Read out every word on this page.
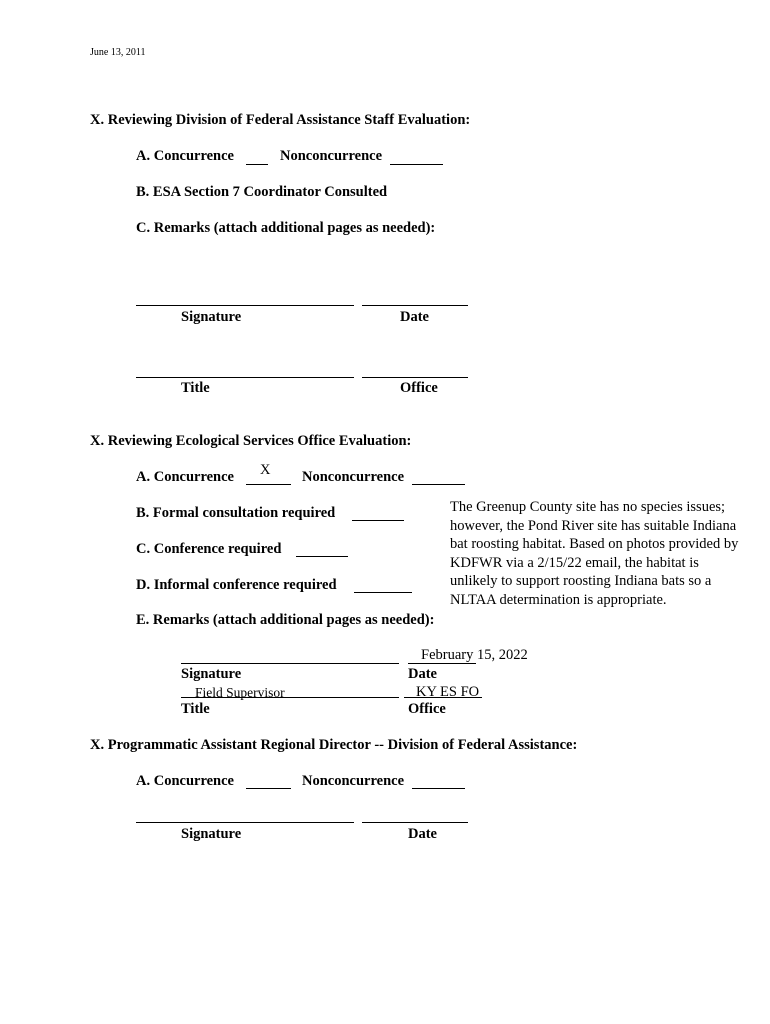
June 13, 2011
X. Reviewing Division of Federal Assistance Staff Evaluation:
A. Concurrence	Nonconcurrence
B. ESA Section 7 Coordinator Consulted
C. Remarks (attach additional pages as needed):
Signature	Date
Title	Office
X. Reviewing Ecological Services Office Evaluation:
A. Concurrence X Nonconcurrence
B. Formal consultation required
C. Conference required
D. Informal conference required
E. Remarks (attach additional pages as needed):
The Greenup County site has no species issues; however, the Pond River site has suitable Indiana bat roosting habitat. Based on photos provided by KDFWR via a 2/15/22 email, the habitat is unlikely to support roosting Indiana bats so a NLTAA determination is appropriate.
February 15, 2022
Signature	Date
Field Supervisor	KY ES FO
Title	Office
X. Programmatic Assistant Regional Director -- Division of Federal Assistance:
A. Concurrence	Nonconcurrence
Signature	Date
